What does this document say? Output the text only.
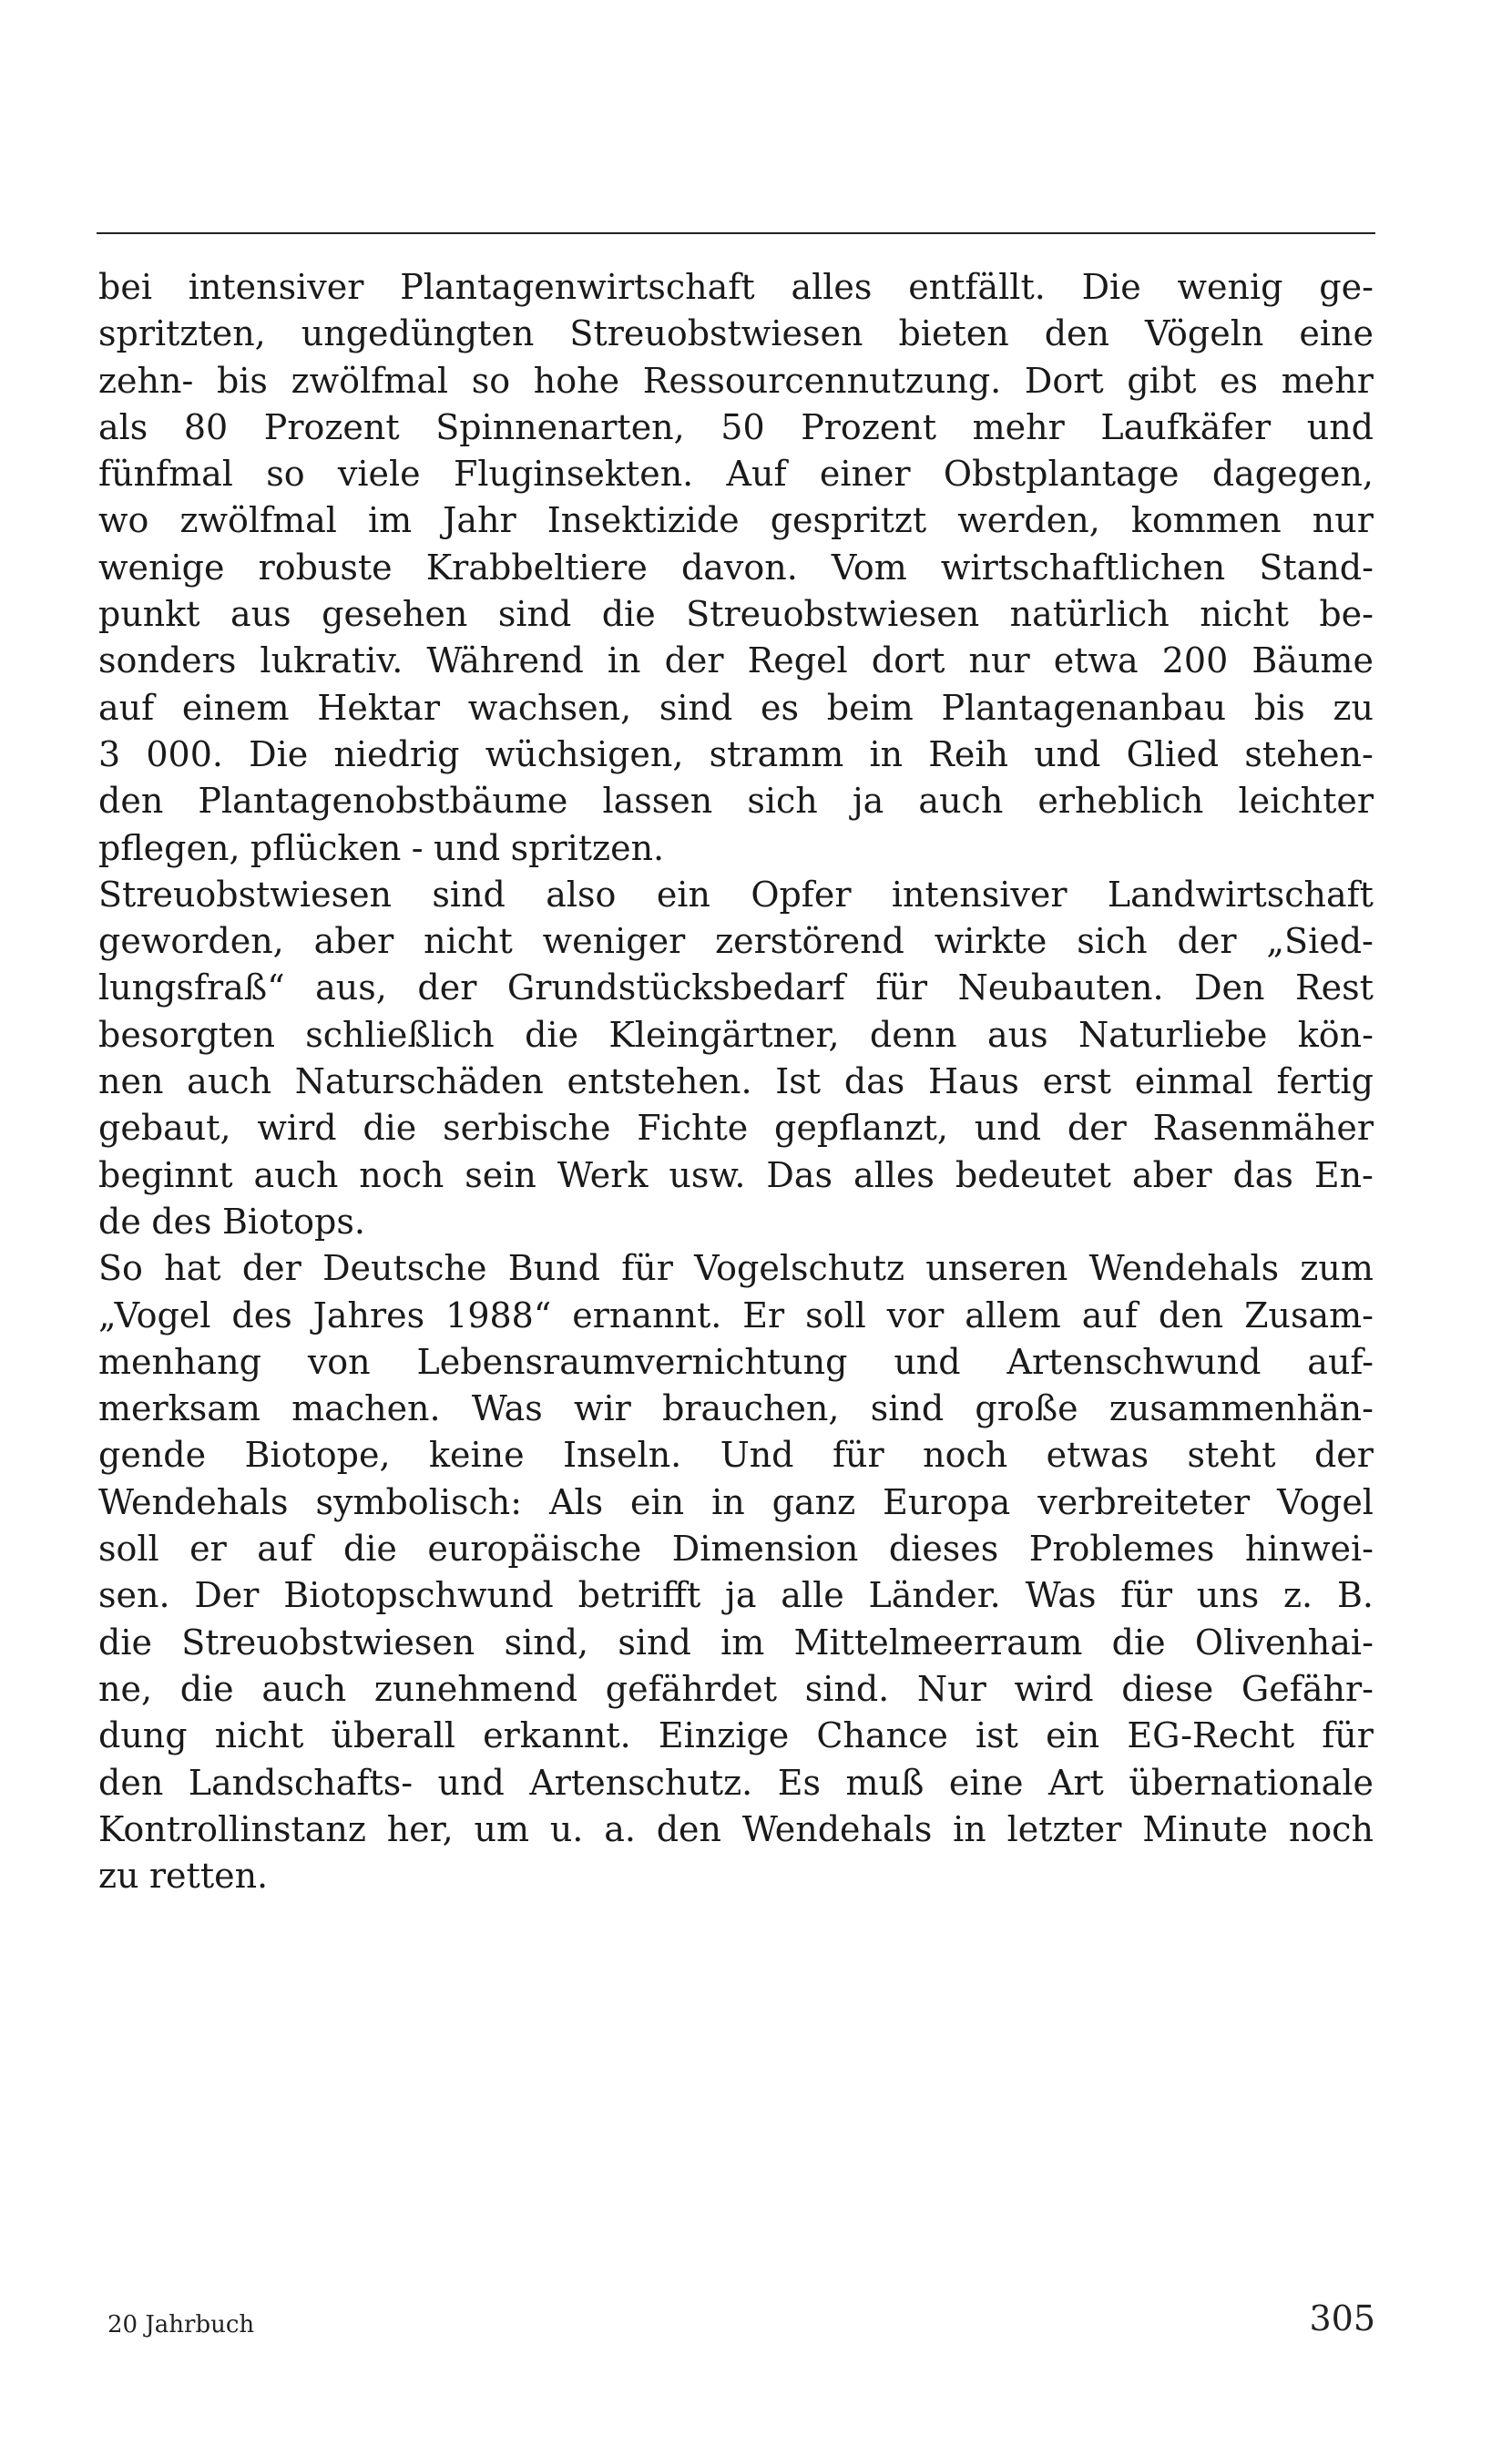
bei intensiver Plantagenwirtschaft alles entfällt. Die wenig ge-
spritzten, ungedüngten Streuobstwiesen bieten den Vögeln eine
zehn- bis zwölfmal so hohe Ressourcennutzung. Dort gibt es mehr
als 80 Prozent Spinnenarten, 50 Prozent mehr Laufkäfer und
fünfmal so viele Fluginsekten. Auf einer Obstplantage dagegen,
wo zwölfmal im Jahr Insektizide gespritzt werden, kommen nur
wenige robuste Krabbeltiere davon. Vom wirtschaftlichen Stand-
punkt aus gesehen sind die Streuobstwiesen natürlich nicht be-
sonders lukrativ. Während in der Regel dort nur etwa 200 Bäume
auf einem Hektar wachsen, sind es beim Plantagenanbau bis zu
3 000. Die niedrig wüchsigen, stramm in Reih und Glied stehen-
den Plantagenobstbäume lassen sich ja auch erheblich leichter
pflegen, pflücken - und spritzen.
Streuobstwiesen sind also ein Opfer intensiver Landwirtschaft
geworden, aber nicht weniger zerstörend wirkte sich der „Sied-
lungsfraß“ aus, der Grundstücksbedarf für Neubauten. Den Rest
besorgten schließlich die Kleingärtner, denn aus Naturliebe kön-
nen auch Naturschäden entstehen. Ist das Haus erst einmal fertig
gebaut, wird die serbische Fichte gepflanzt, und der Rasenmäher
beginnt auch noch sein Werk usw. Das alles bedeutet aber das En-
de des Biotops.
So hat der Deutsche Bund für Vogelschutz unseren Wendehals zum
„Vogel des Jahres 1988“ ernannt. Er soll vor allem auf den Zusam-
menhang von Lebensraumvernichtung und Artenschwund auf-
merksam machen. Was wir brauchen, sind große zusammenhän-
gende Biotope, keine Inseln. Und für noch etwas steht der
Wendehals symbolisch: Als ein in ganz Europa verbreiteter Vogel
soll er auf die europäische Dimension dieses Problemes hinwei-
sen. Der Biotopschwund betrifft ja alle Länder. Was für uns z. B.
die Streuobstwiesen sind, sind im Mittelmeerraum die Olivenhai-
ne, die auch zunehmend gefährdet sind. Nur wird diese Gefähr-
dung nicht überall erkannt. Einzige Chance ist ein EG-Recht für
den Landschafts- und Artenschutz. Es muß eine Art übernationale
Kontrollinstanz her, um u. a. den Wendehals in letzter Minute noch
zu retten.
20 Jahrbuch	305
